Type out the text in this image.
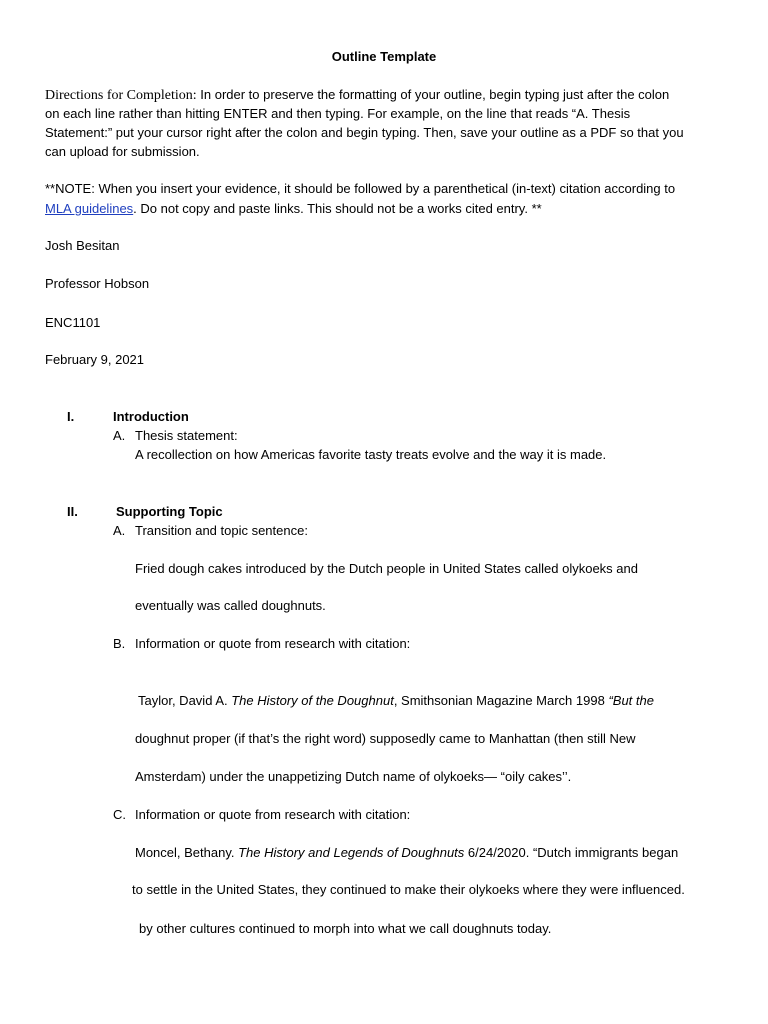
Outline Template
Directions for Completion: In order to preserve the formatting of your outline, begin typing just after the colon
on each line rather than hitting ENTER and then typing. For example, on the line that reads “A. Thesis
Statement:” put your cursor right after the colon and begin typing. Then, save your outline as a PDF so that you
can upload for submission.
**NOTE: When you insert your evidence, it should be followed by a parenthetical (in-text) citation according to
MLA guidelines. Do not copy and paste links. This should not be a works cited entry. **
Josh Besitan
Professor Hobson
ENC1101
February 9, 2021
I.	Introduction
A. Thesis statement:
A recollection on how Americas favorite tasty treats evolve and the way it is made.
II.	Supporting Topic
A. Transition and topic sentence:
Fried dough cakes introduced by the Dutch people in United States called olykoeks and
eventually was called doughnuts.
B. Information or quote from research with citation:
Taylor, David A. The History of the Doughnut, Smithsonian Magazine March 1998 “But the
doughnut proper (if that’s the right word) supposedly came to Manhattan (then still New
Amsterdam) under the unappetizing Dutch name of olykoeks— “oily cakes’’.
C. Information or quote from research with citation:
Moncel, Bethany. The History and Legends of Doughnuts 6/24/2020. “Dutch immigrants began
to settle in the United States, they continued to make their olykoeks where they were influenced.
by other cultures continued to morph into what we call doughnuts today.
